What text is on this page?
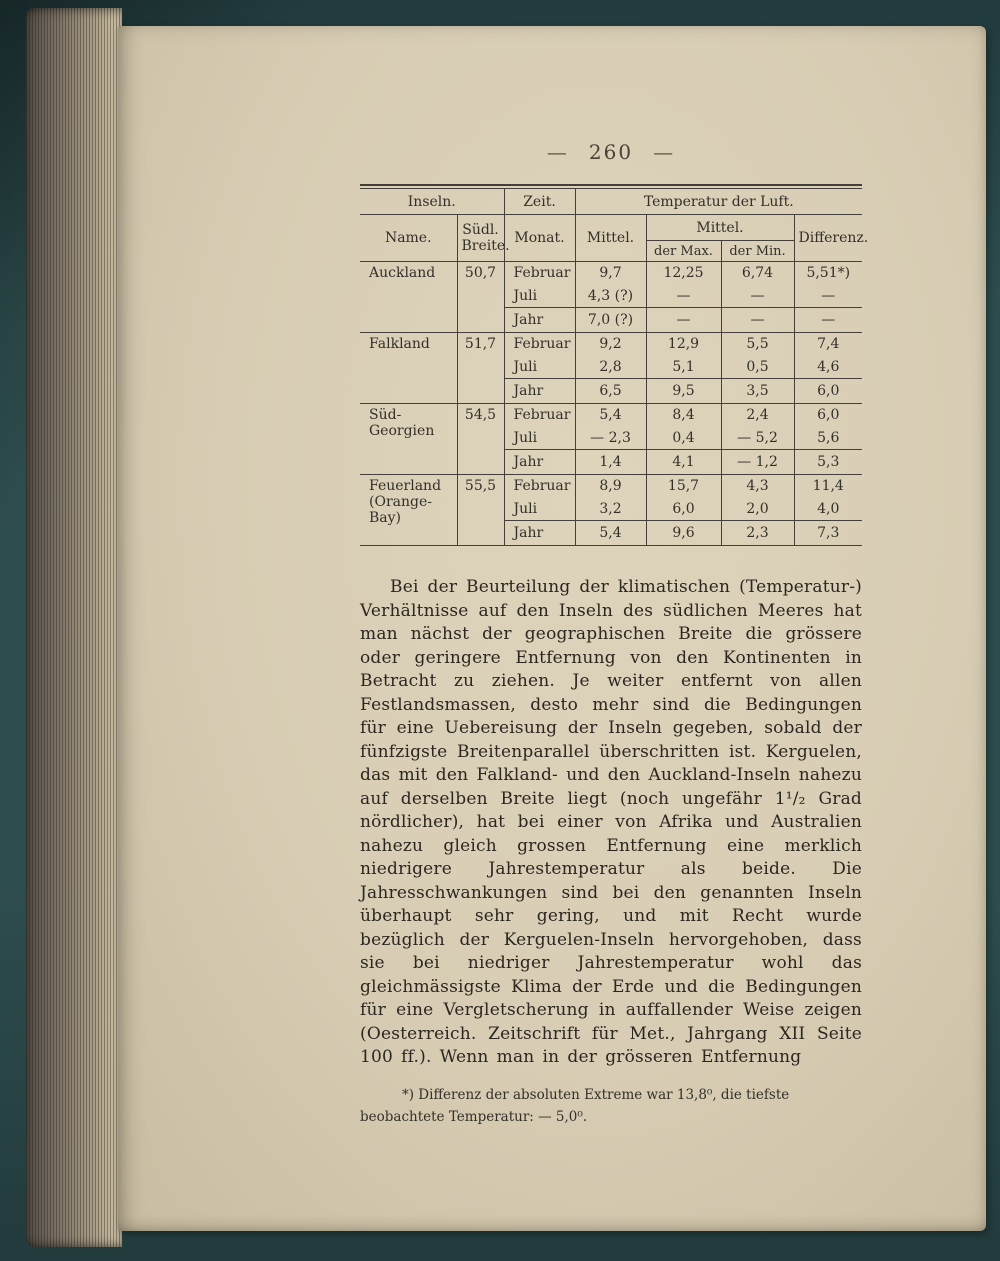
— 260 —
Inseln.		Zeit.	Temperatur der Luft.			
Name.	Südl. Breite.	Monat.	Mittel.	Mittel.		Differenz.
				der Max.	der Min.	
Auckland	50,7	Februar	9,7	12,25	6,74	5,51*)
		Juli	4,3 (?)	—	—	—
		Jahr	7,0 (?)	—	—	—
Falkland	51,7	Februar	9,2	12,9	5,5	7,4
		Juli	2,8	5,1	0,5	4,6
		Jahr	6,5	9,5	3,5	6,0
Süd-Georgien	54,5	Februar	5,4	8,4	2,4	6,0
		Juli	— 2,3	0,4	— 5,2	5,6
		Jahr	1,4	4,1	— 1,2	5,3
Feuerland (Orange-Bay)	55,5	Februar	8,9	15,7	4,3	11,4
		Juli	3,2	6,0	2,0	4,0
		Jahr	5,4	9,6	2,3	7,3

Bei der Beurteilung der klimatischen (Temperatur-) Verhältnisse auf den Inseln des südlichen Meeres hat man nächst der geographischen Breite die grössere oder geringere Entfernung von den Kontinenten in Betracht zu ziehen. Je weiter entfernt von allen Festlandsmassen, desto mehr sind die Bedingungen für eine Uebereisung der Inseln gegeben, sobald der fünfzigste Breitenparallel überschritten ist. Kerguelen, das mit den Falkland- und den Auckland-Inseln nahezu auf derselben Breite liegt (noch ungefähr 1¹/₂ Grad nördlicher), hat bei einer von Afrika und Australien nahezu gleich grossen Entfernung eine merklich niedrigere Jahrestemperatur als beide. Die Jahresschwankungen sind bei den genannten Inseln überhaupt sehr gering, und mit Recht wurde bezüglich der Kerguelen-Inseln hervorgehoben, dass sie bei niedriger Jahrestemperatur wohl das gleichmässigste Klima der Erde und die Bedingungen für eine Vergletscherung in auffallender Weise zeigen (Oesterreich. Zeitschrift für Met., Jahrgang XII Seite 100 ff.). Wenn man in der grösseren Entfernung

*) Differenz der absoluten Extreme war 13,8⁰, die tiefste beobachtete Temperatur: — 5,0⁰.
